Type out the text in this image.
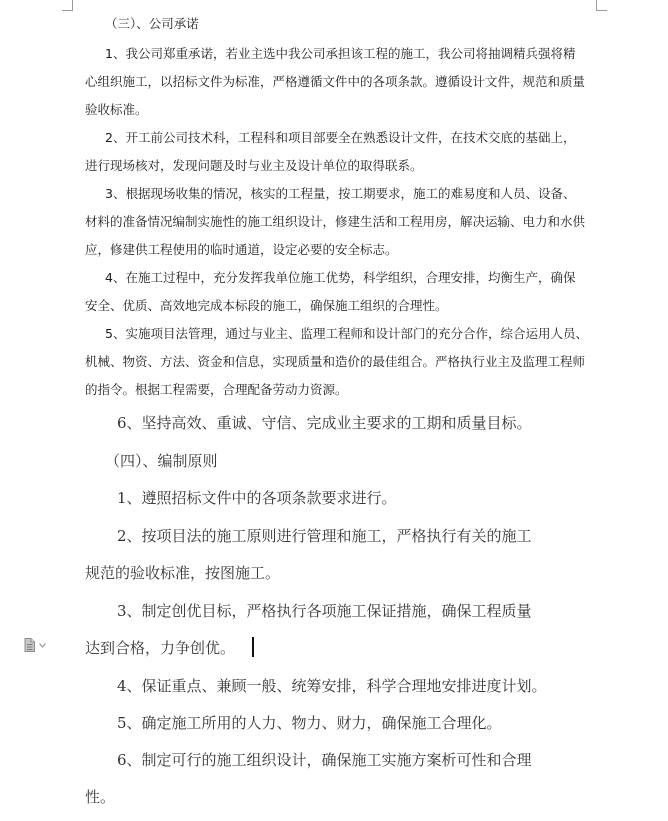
（三）、公司承诺
1、我公司郑重承诺，若业主选中我公司承担该工程的施工，我公司将抽调精兵强将精
心组织施工，以招标文件为标准，严格遵循文件中的各项条款。遵循设计文件，规范和质量
验收标准。
2、开工前公司技术科，工程科和项目部要全在熟悉设计文件，在技术交底的基础上，
进行现场核对，发现问题及时与业主及设计单位的取得联系。
3、根据现场收集的情况，核实的工程量，按工期要求，施工的难易度和人员、设备、
材料的准备情况编制实施性的施工组织设计，修建生活和工程用房，解决运输、电力和水供
应，修建供工程使用的临时通道，设定必要的安全标志。
4、在施工过程中，充分发挥我单位施工优势，科学组织，合理安排，均衡生产，确保
安全、优质、高效地完成本标段的施工，确保施工组织的合理性。
5、实施项目法管理，通过与业主、监理工程师和设计部门的充分合作，综合运用人员、
机械、物资、方法、资金和信息，实现质量和造价的最佳组合。严格执行业主及监理工程师
的指令。根据工程需要，合理配备劳动力资源。
6、坚持高效、重诚、守信、完成业主要求的工期和质量目标。
（四）、编制原则
1、遵照招标文件中的各项条款要求进行。
2、按项目法的施工原则进行管理和施工，严格执行有关的施工
规范的验收标准，按图施工。
3、制定创优目标，严格执行各项施工保证措施，确保工程质量
达到合格，力争创优。
4、保证重点、兼顾一般、统筹安排，科学合理地安排进度计划。
5、确定施工所用的人力、物力、财力，确保施工合理化。
6、制定可行的施工组织设计，确保施工实施方案析可性和合理
性。
